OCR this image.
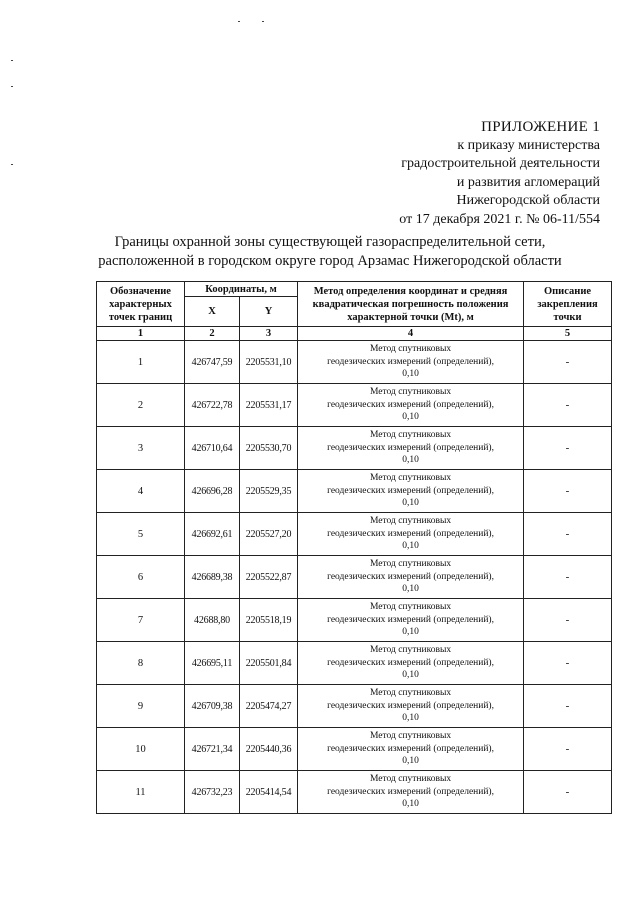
ПРИЛОЖЕНИЕ 1
к приказу министерства
градостроительной деятельности
и развития агломераций
Нижегородской области
от 17 декабря 2021 г. № 06-11/554
Границы охранной зоны существующей газораспределительной сети,
расположенной в городском округе город Арзамас Нижегородской области
Обозначение характерных точек границ	Координаты, м		Метод определения координат и средняя квадратическая погрешность положения характерной точки (Mt), м	Описание закрепления точки
	X	Y		
1	2	3	4	5
1	426747,59	2205531,10	Метод спутниковых
геодезических измерений (определений),
0,10	-
2	426722,78	2205531,17	Метод спутниковых
геодезических измерений (определений),
0,10	-
3	426710,64	2205530,70	Метод спутниковых
геодезических измерений (определений),
0,10	-
4	426696,28	2205529,35	Метод спутниковых
геодезических измерений (определений),
0,10	-
5	426692,61	2205527,20	Метод спутниковых
геодезических измерений (определений),
0,10	-
6	426689,38	2205522,87	Метод спутниковых
геодезических измерений (определений),
0,10	-
7	42688,80	2205518,19	Метод спутниковых
геодезических измерений (определений),
0,10	-
8	426695,11	2205501,84	Метод спутниковых
геодезических измерений (определений),
0,10	-
9	426709,38	2205474,27	Метод спутниковых
геодезических измерений (определений),
0,10	-
10	426721,34	2205440,36	Метод спутниковых
геодезических измерений (определений),
0,10	-
11	426732,23	2205414,54	Метод спутниковых
геодезических измерений (определений),
0,10	-
